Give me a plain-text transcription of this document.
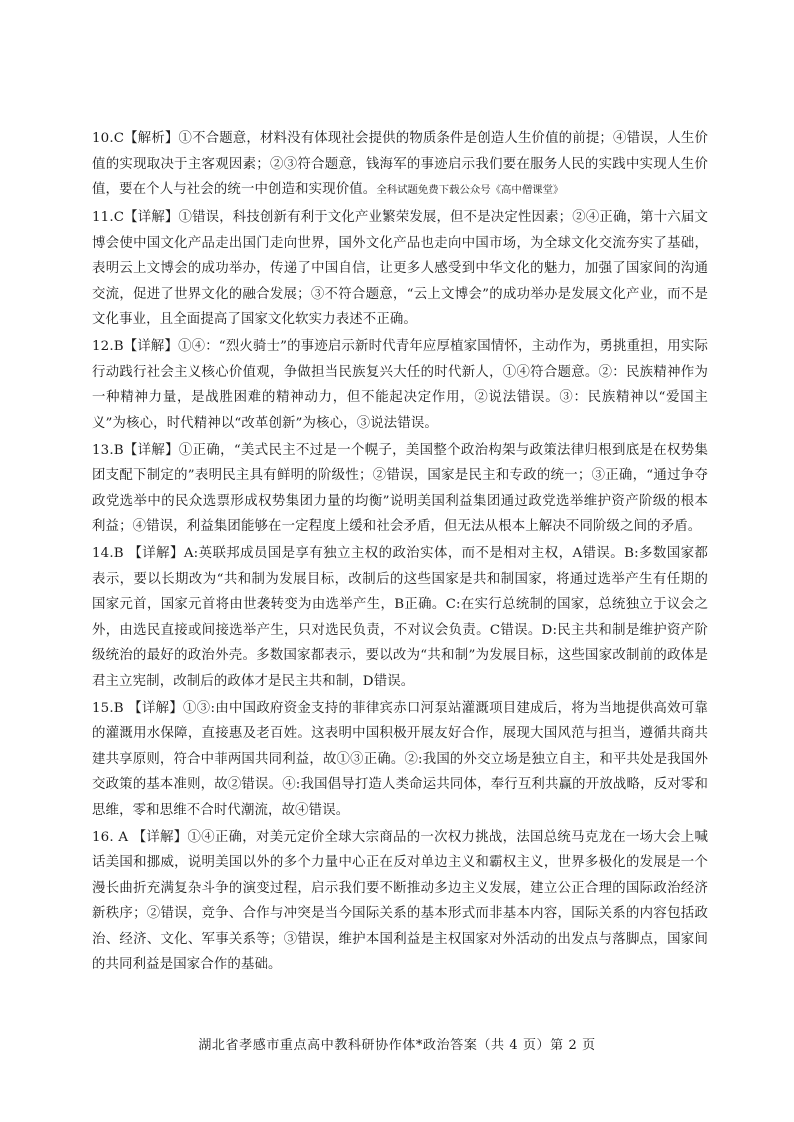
10.C【解析】①不合题意，材料没有体现社会提供的物质条件是创造人生价值的前提；④错误，人生价值的实现取决于主客观因素；②③符合题意，钱海军的事迹启示我们要在服务人民的实践中实现人生价值，要在个人与社会的统一中创造和实现价值。全科试题免费下载公众号《高中僧课堂》

11.C【详解】①错误，科技创新有利于文化产业繁荣发展，但不是决定性因素；②④正确，第十六届文博会使中国文化产品走出国门走向世界，国外文化产品也走向中国市场，为全球文化交流夯实了基础，表明云上文博会的成功举办，传递了中国自信，让更多人感受到中华文化的魅力，加强了国家间的沟通交流，促进了世界文化的融合发展；③不符合题意，“云上文博会”的成功举办是发展文化产业，而不是文化事业，且全面提高了国家文化软实力表述不正确。

12.B【详解】①④：“烈火骑士”的事迹启示新时代青年应厚植家国情怀，主动作为，勇挑重担，用实际行动践行社会主义核心价值观，争做担当民族复兴大任的时代新人，①④符合题意。②：民族精神作为一种精神力量，是战胜困难的精神动力，但不能起决定作用，②说法错误。③：民族精神以“爱国主义”为核心，时代精神以“改革创新”为核心，③说法错误。

13.B【详解】①正确，“美式民主不过是一个幌子，美国整个政治构架与政策法律归根到底是在权势集团支配下制定的”表明民主具有鲜明的阶级性；②错误，国家是民主和专政的统一；③正确，“通过争夺政党选举中的民众选票形成权势集团力量的均衡”说明美国利益集团通过政党选举维护资产阶级的根本利益；④错误，利益集团能够在一定程度上缓和社会矛盾，但无法从根本上解决不同阶级之间的矛盾。

14.B 【详解】A:英联邦成员国是享有独立主权的政治实体，而不是相对主权，A错误。B:多数国家都表示，要以长期改为“共和制为发展目标，改制后的这些国家是共和制国家，将通过选举产生有任期的国家元首，国家元首将由世袭转变为由选举产生，B正确。C:在实行总统制的国家，总统独立于议会之外，由选民直接或间接选举产生，只对选民负责，不对议会负责。C错误。D:民主共和制是维护资产阶级统治的最好的政治外壳。多数国家都表示，要以改为“共和制”为发展目标，这些国家改制前的政体是君主立宪制，改制后的政体才是民主共和制，D错误。

15.B 【详解】①③:由中国政府资金支持的菲律宾赤口河泵站灌溉项目建成后，将为当地提供高效可靠的灌溉用水保障，直接惠及老百姓。这表明中国积极开展友好合作，展现大国风范与担当，遵循共商共建共享原则，符合中菲两国共同利益，故①③正确。②:我国的外交立场是独立自主，和平共处是我国外交政策的基本准则，故②错误。④:我国倡导打造人类命运共同体，奉行互利共赢的开放战略，反对零和思维，零和思维不合时代潮流，故④错误。

16. A 【详解】①④正确，对美元定价全球大宗商品的一次权力挑战，法国总统马克龙在一场大会上喊话美国和挪威，说明美国以外的多个力量中心正在反对单边主义和霸权主义，世界多极化的发展是一个漫长曲折充满复杂斗争的演变过程，启示我们要不断推动多边主义发展，建立公正合理的国际政治经济新秩序；②错误，竞争、合作与冲突是当今国际关系的基本形式而非基本内容，国际关系的内容包括政治、经济、文化、军事关系等；③错误，维护本国利益是主权国家对外活动的出发点与落脚点，国家间的共同利益是国家合作的基础。

湖北省孝感市重点高中教科研协作体*政治答案（共 4 页）第 2 页
